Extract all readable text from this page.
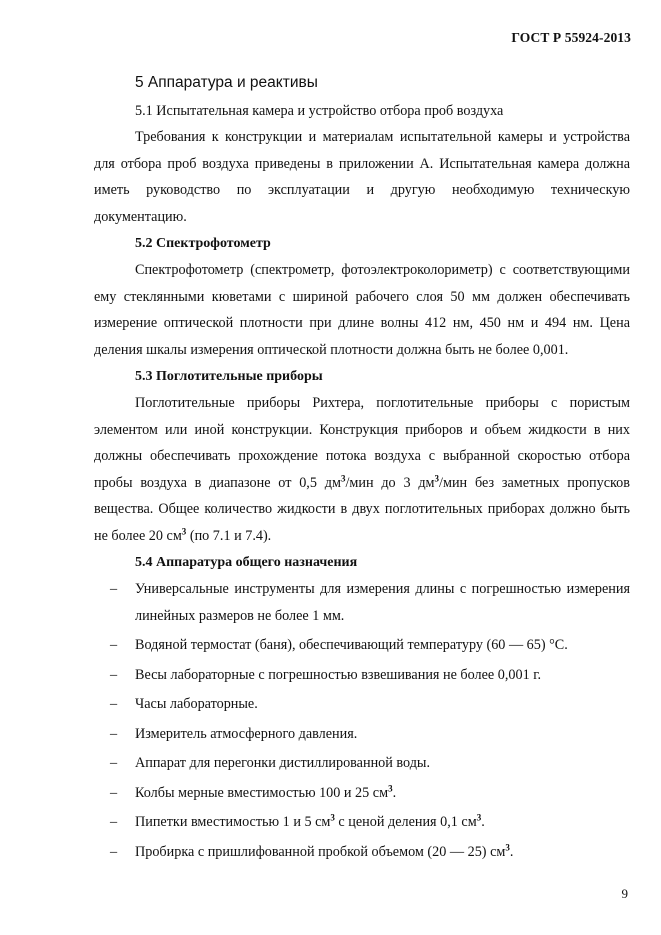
ГОСТ Р 55924-2013
5 Аппаратура и реактивы
5.1 Испытательная камера и устройство отбора проб воздуха

Требования к конструкции и материалам испытательной камеры и устройства для отбора проб воздуха приведены в приложении А. Испытательная камера должна иметь руководство по эксплуатации и другую необходимую техническую документацию.

5.2 Спектрофотометр

Спектрофотометр (спектрометр, фотоэлектроколориметр) с соответствующими ему стеклянными кюветами с шириной рабочего слоя 50 мм должен обеспечивать измерение оптической плотности при длине волны 412 нм, 450 нм и 494 нм. Цена деления шкалы измерения оптической плотности должна быть не более 0,001.

5.3 Поглотительные приборы

Поглотительные приборы Рихтера, поглотительные приборы с пористым элементом или иной конструкции. Конструкция приборов и объем жидкости в них должны обеспечивать прохождение потока воздуха с выбранной скоростью отбора пробы воздуха в диапазоне от 0,5 $дм^3$/мин до 3 $дм^3$/мин без заметных пропусков вещества. Общее количество жидкости в двух поглотительных приборах должно быть не более 20 $см^3$ (по 7.1 и 7.4).

5.4 Аппаратура общего назначения
– Универсальные инструменты для измерения длины с погрешностью измерения линейных размеров не более 1 мм.
– Водяной термостат (баня), обеспечивающий температуру (60 — 65) °С.
– Весы лабораторные с погрешностью взвешивания не более 0,001 г.
– Часы лабораторные.
– Измеритель атмосферного давления.
– Аппарат для перегонки дистиллированной воды.
– Колбы мерные вместимостью 100 и 25 $см^3$.
– Пипетки вместимостью 1 и 5 $см^3$ с ценой деления 0,1 $см^3$.
– Пробирка с пришлифованной пробкой объемом (20 — 25) $см^3$.
9
